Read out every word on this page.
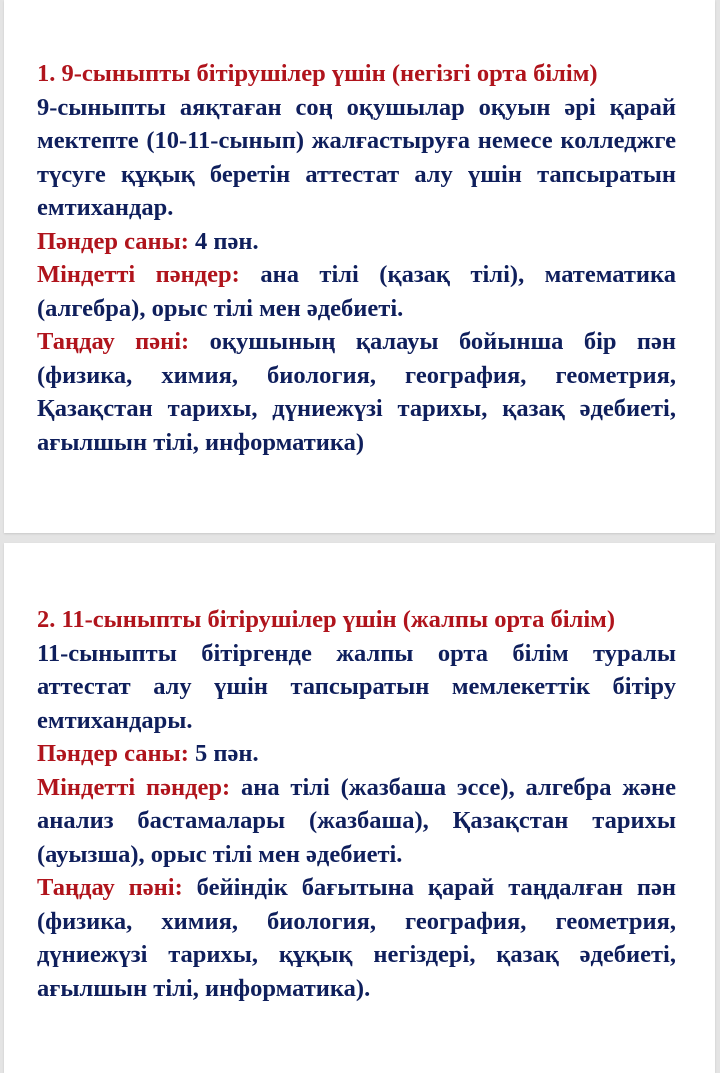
1. 9-сыныпты бітірушілер үшін (негізгі орта білім)

9-сыныпты аяқтаған соң оқушылар оқуын әрі қарай мектепте (10-11-сынып) жалғастыруға немесе колледжге түсуге құқық беретін аттестат алу үшін тапсыратын емтихандар.

Пәндер саны: 4 пән.

Міндетті пәндер: ана тілі (қазақ тілі), математика (алгебра), орыс тілі мен әдебиеті.

Таңдау пәні: оқушының қалауы бойынша бір пән (физика, химия, биология, география, геометрия, Қазақстан тарихы, дүниежүзі тарихы, қазақ әдебиеті, ағылшын тілі, информатика)

2. 11-сыныпты бітірушілер үшін (жалпы орта білім)

11-сыныпты бітіргенде жалпы орта білім туралы аттестат алу үшін тапсыратын мемлекеттік бітіру емтихандары.

Пәндер саны: 5 пән.

Міндетті пәндер: ана тілі (жазбаша эссе), алгебра және анализ бастамалары (жазбаша), Қазақстан тарихы (ауызша), орыс тілі мен әдебиеті.

Таңдау пәні: бейіндік бағытына қарай таңдалған пән (физика, химия, биология, география, геометрия, дүниежүзі тарихы, құқық негіздері, қазақ әдебиеті, ағылшын тілі, информатика).
